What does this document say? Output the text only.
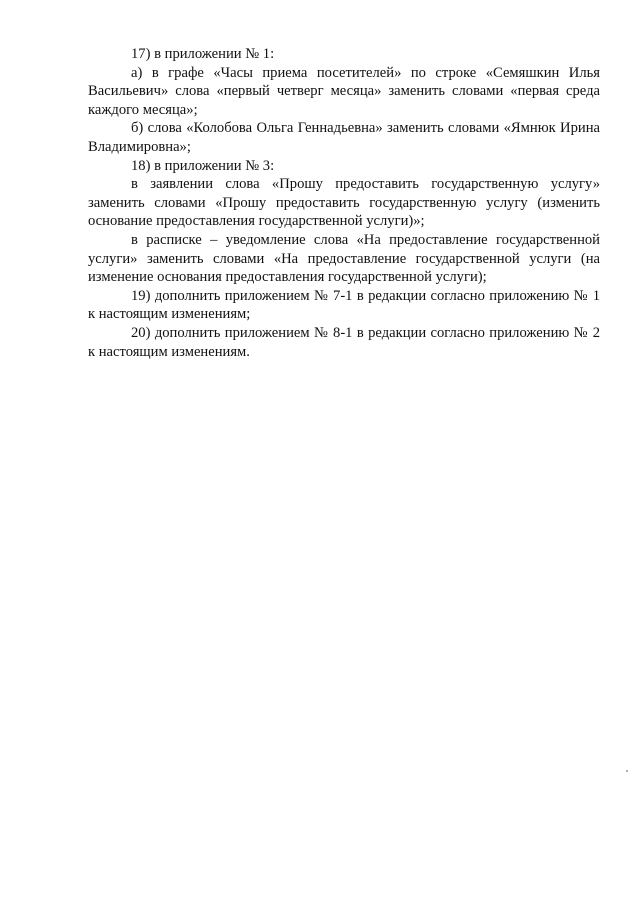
17) в приложении № 1:

а) в графе «Часы приема посетителей» по строке «Семяшкин Илья Васильевич» слова «первый четверг месяца» заменить словами «первая среда каждого месяца»;

б) слова «Колобова Ольга Геннадьевна» заменить словами «Ямнюк Ирина Владимировна»;

18) в приложении № 3:

в заявлении слова «Прошу предоставить государственную услугу» заменить словами «Прошу предоставить государственную услугу (изменить основание предоставления государственной услуги)»;

в расписке – уведомление слова «На предоставление государственной услуги» заменить словами «На предоставление государственной услуги (на изменение основания предоставления государственной услуги);

19) дополнить приложением № 7-1 в редакции согласно приложению № 1 к настоящим изменениям;

20) дополнить приложением № 8-1 в редакции согласно приложению № 2 к настоящим изменениям.
